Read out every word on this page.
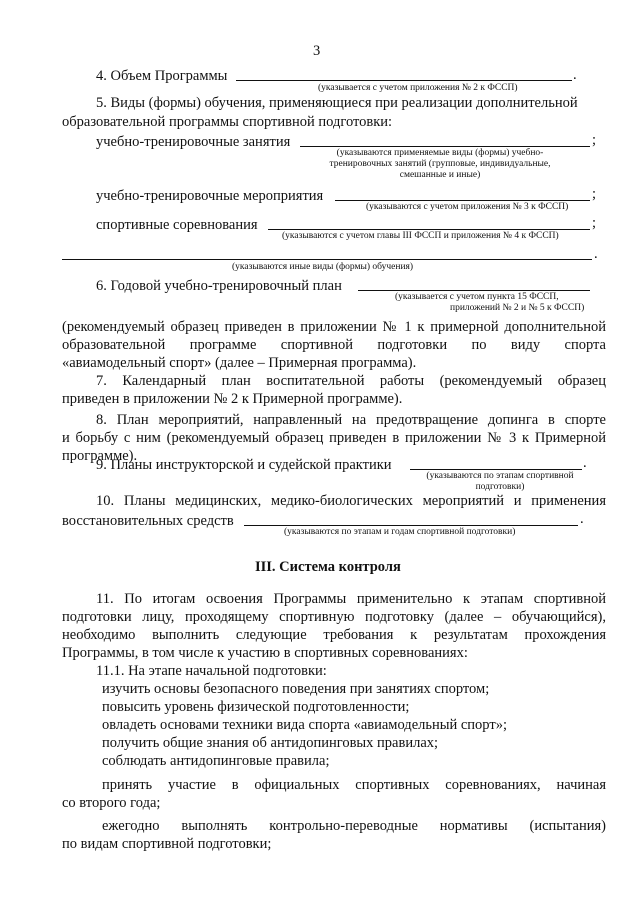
3
4. Объем Программы	.
(указывается с учетом приложения № 2 к ФССП)
5. Виды (формы) обучения, применяющиеся при реализации дополнительной
образовательной программы спортивной подготовки:
учебно-тренировочные занятия	;
(указываются применяемые виды (формы) учебно-
тренировочных занятий (групповые, индивидуальные,
смешанные и иные)
учебно-тренировочные мероприятия	;
(указываются с учетом приложения № 3 к ФССП)
спортивные соревнования	;
(указываются с учетом главы III ФССП и приложения № 4 к ФССП)
.
(указываются иные виды (формы) обучения)
6. Годовой учебно-тренировочный план
(указывается с учетом пункта 15 ФССП,
приложений № 2 и № 5 к ФССП)
(рекомендуемый образец приведен в приложении № 1 к примерной дополнительной
образовательной программе спортивной подготовки по виду спорта
«авиамодельный спорт» (далее – Примерная программа).
7. Календарный план воспитательной работы (рекомендуемый образец
приведен в приложении № 2 к Примерной программе).
8. План мероприятий, направленный на предотвращение допинга в спорте
и борьбу с ним (рекомендуемый образец приведен в приложении № 3 к Примерной
программе).
9. Планы инструкторской и судейской практики	.
(указываются по этапам спортивной
подготовки)
10. Планы медицинских, медико-биологических мероприятий и применения
восстановительных средств	.
(указываются по этапам и годам спортивной подготовки)
III. Система контроля
11. По итогам освоения Программы применительно к этапам спортивной
подготовки лицу, проходящему спортивную подготовку (далее – обучающийся),
необходимо выполнить следующие требования к результатам прохождения
Программы, в том числе к участию в спортивных соревнованиях:
11.1. На этапе начальной подготовки:
изучить основы безопасного поведения при занятиях спортом;
повысить уровень физической подготовленности;
овладеть основами техники вида спорта «авиамодельный спорт»;
получить общие знания об антидопинговых правилах;
соблюдать антидопинговые правила;
принять участие в официальных спортивных соревнованиях, начиная
со второго года;
ежегодно выполнять контрольно-переводные нормативы (испытания)
по видам спортивной подготовки;
